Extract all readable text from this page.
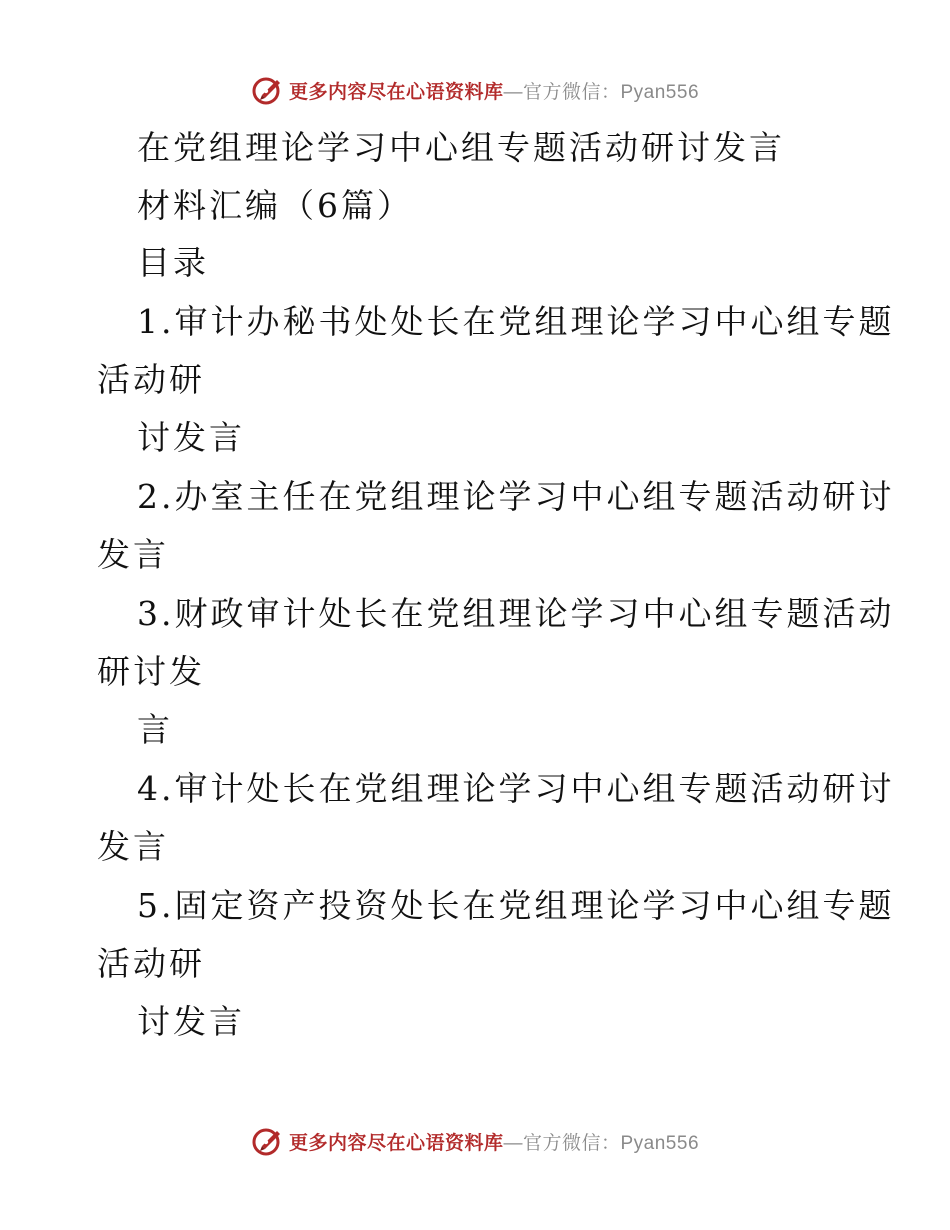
更多内容尽在心语资料库—官方微信：Pyan556
在党组理论学习中心组专题活动研讨发言
材料汇编（6篇）
目录
1.审计办秘书处处长在党组理论学习中心组专题
活动研
讨发言
2.办室主任在党组理论学习中心组专题活动研讨
发言
3.财政审计处长在党组理论学习中心组专题活动
研讨发
言
4.审计处长在党组理论学习中心组专题活动研讨
发言
5.固定资产投资处长在党组理论学习中心组专题
活动研
讨发言
更多内容尽在心语资料库—官方微信：Pyan556
